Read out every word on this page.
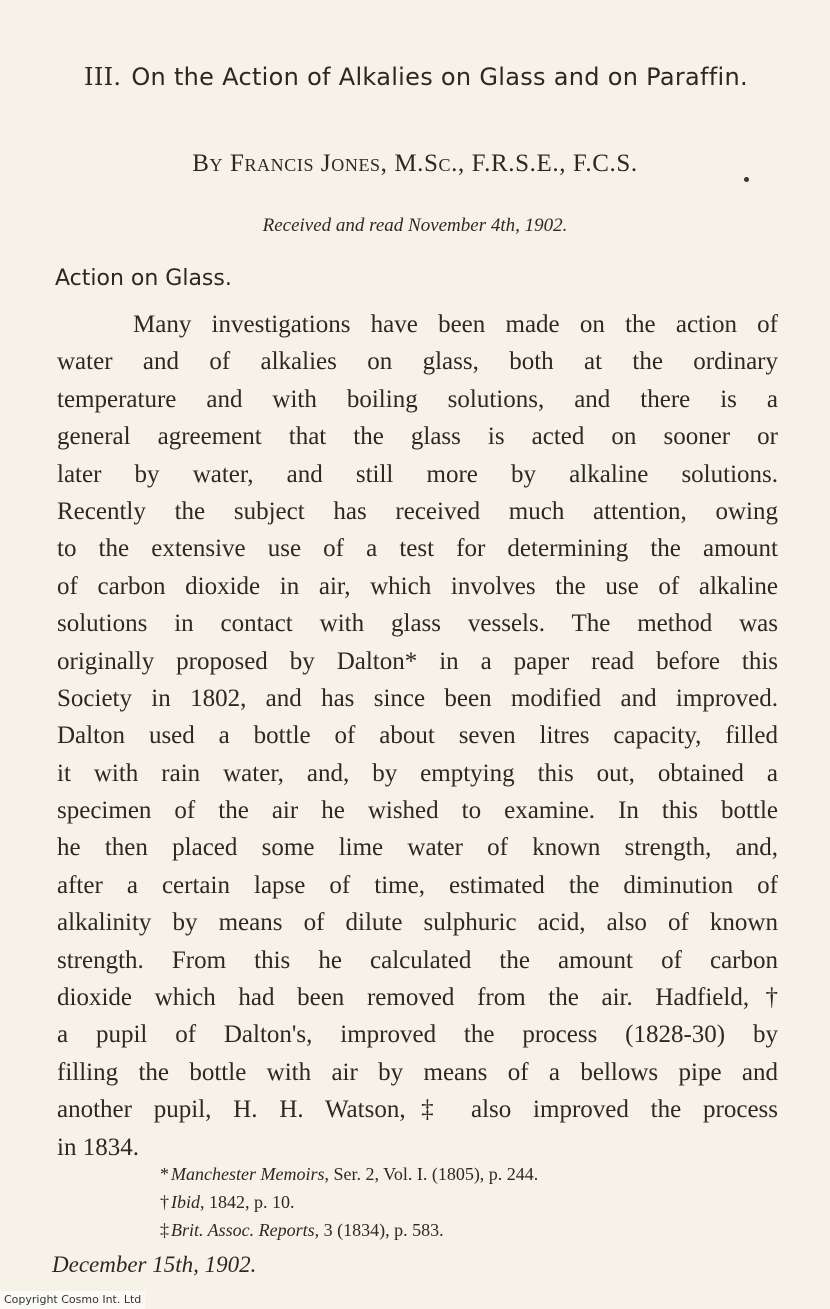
III. On the Action of Alkalies on Glass and on Paraffin.
By Francis Jones, M.Sc., F.R.S.E., F.C.S.
Received and read November 4th, 1902.
Action on Glass.
Many investigations have been made on the action of
water and of alkalies on glass, both at the ordinary
temperature and with boiling solutions, and there is a
general agreement that the glass is acted on sooner or
later by water, and still more by alkaline solutions.
Recently the subject has received much attention, owing
to the extensive use of a test for determining the amount
of carbon dioxide in air, which involves the use of alkaline
solutions in contact with glass vessels. The method was
originally proposed by Dalton* in a paper read before this
Society in 1802, and has since been modified and improved.
Dalton used a bottle of about seven litres capacity, filled
it with rain water, and, by emptying this out, obtained a
specimen of the air he wished to examine. In this bottle
he then placed some lime water of known strength, and,
after a certain lapse of time, estimated the diminution of
alkalinity by means of dilute sulphuric acid, also of known
strength. From this he calculated the amount of carbon
dioxide which had been removed from the air. Hadfield,†
a pupil of Dalton's, improved the process (1828-30) by
filling the bottle with air by means of a bellows pipe and
another pupil, H. H. Watson,‡ also improved the process
in 1834.
* Manchester Memoirs, Ser. 2, Vol. I. (1805), p. 244.
† Ibid, 1842, p. 10.
‡ Brit. Assoc. Reports, 3 (1834), p. 583.
December 15th, 1902.
Copyright Cosmo Int. Ltd
